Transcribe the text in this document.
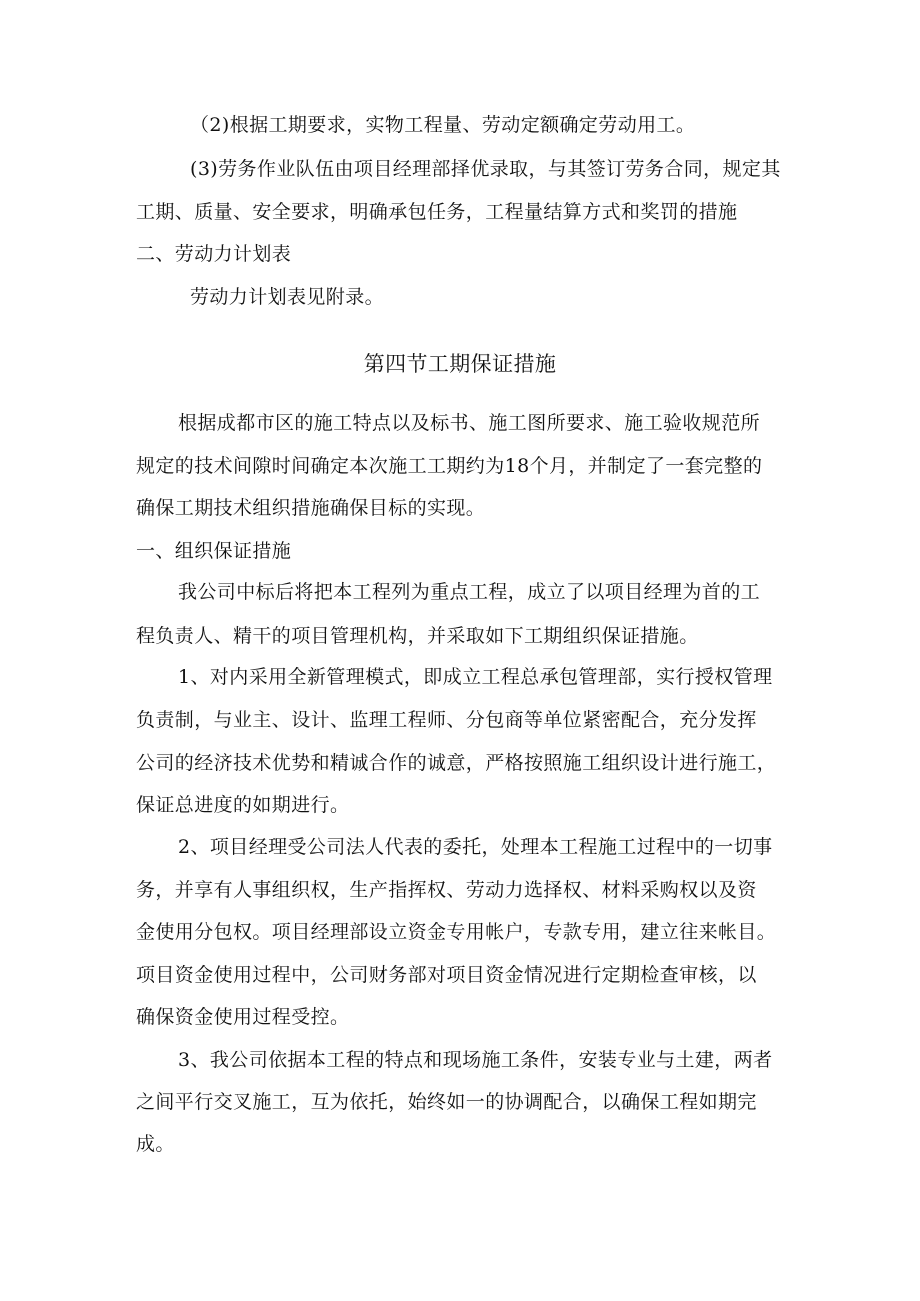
（2)根据工期要求，实物工程量、劳动定额确定劳动用工。
(3)劳务作业队伍由项目经理部择优录取，与其签订劳务合同，规定其
工期、质量、安全要求，明确承包任务，工程量结算方式和奖罚的措施
二、劳动力计划表
劳动力计划表见附录。
第四节工期保证措施
根据成都市区的施工特点以及标书、施工图所要求、施工验收规范所
规定的技术间隙时间确定本次施工工期约为18个月，并制定了一套完整的
确保工期技术组织措施确保目标的实现。
一、组织保证措施
我公司中标后将把本工程列为重点工程，成立了以项目经理为首的工
程负责人、精干的项目管理机构，并采取如下工期组织保证措施。
1、对内采用全新管理模式，即成立工程总承包管理部，实行授权管理
负责制，与业主、设计、监理工程师、分包商等单位紧密配合，充分发挥
公司的经济技术优势和精诚合作的诚意，严格按照施工组织设计进行施工，
保证总进度的如期进行。
2、项目经理受公司法人代表的委托，处理本工程施工过程中的一切事
务，并享有人事组织权，生产指挥权、劳动力选择权、材料采购权以及资
金使用分包权。项目经理部设立资金专用帐户，专款专用，建立往来帐目。
项目资金使用过程中，公司财务部对项目资金情况进行定期检查审核，以
确保资金使用过程受控。
3、我公司依据本工程的特点和现场施工条件，安装专业与土建，两者
之间平行交叉施工，互为依托，始终如一的协调配合，以确保工程如期完
成。
